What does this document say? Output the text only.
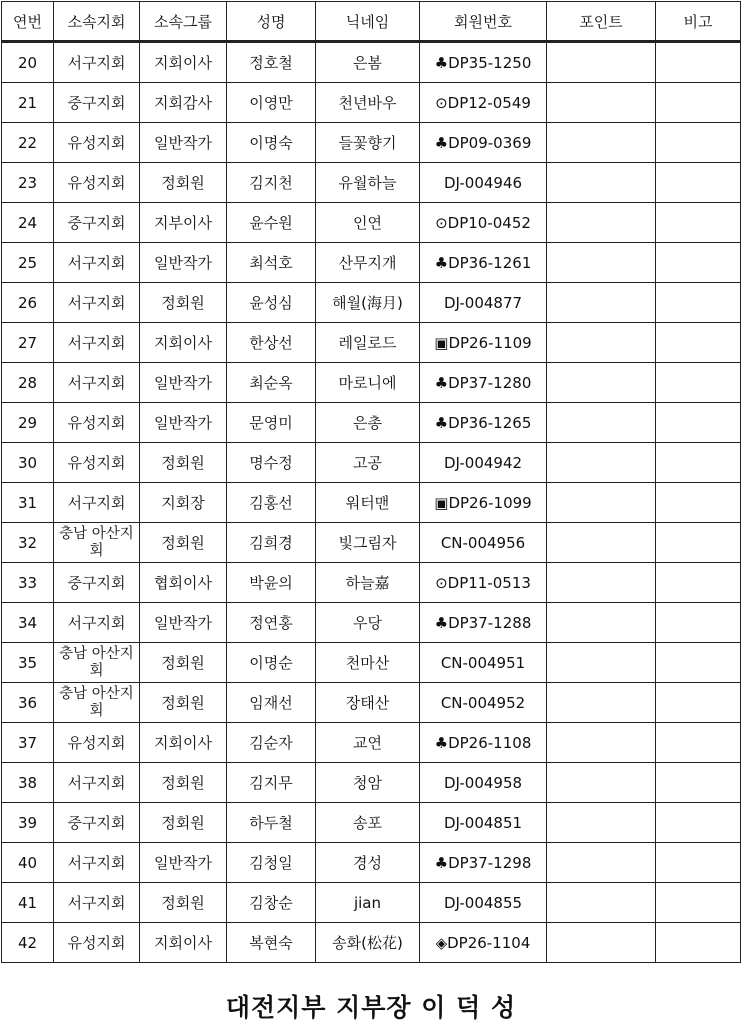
연번	소속지회	소속그룹	성명	닉네임	회원번호	포인트	비고
20	서구지회	지회이사	정호철	은봄	♣DP35-1250		
21	중구지회	지회감사	이영만	천년바우	⊙DP12-0549		
22	유성지회	일반작가	이명숙	들꽃향기	♣DP09-0369		
23	유성지회	정회원	김지천	유월하늘	DJ-004946		
24	중구지회	지부이사	윤수원	인연	⊙DP10-0452		
25	서구지회	일반작가	최석호	산무지개	♣DP36-1261		
26	서구지회	정회원	윤성심	해월(海月)	DJ-004877		
27	서구지회	지회이사	한상선	레일로드	▣DP26-1109		
28	서구지회	일반작가	최순옥	마로니에	♣DP37-1280		
29	유성지회	일반작가	문영미	은총	♣DP36-1265		
30	유성지회	정회원	명수정	고공	DJ-004942		
31	서구지회	지회장	김홍선	워터맨	▣DP26-1099		
32	충남 아산지회	정회원	김희경	빛그림자	CN-004956		
33	중구지회	협회이사	박윤의	하늘嘉	⊙DP11-0513		
34	서구지회	일반작가	정연홍	우당	♣DP37-1288		
35	충남 아산지회	정회원	이명순	천마산	CN-004951		
36	충남 아산지회	정회원	임재선	장태산	CN-004952		
37	유성지회	지회이사	김순자	교연	♣DP26-1108		
38	서구지회	정회원	김지무	청암	DJ-004958		
39	중구지회	정회원	하두철	송포	DJ-004851		
40	서구지회	일반작가	김청일	경성	♣DP37-1298		
41	서구지회	정회원	김창순	jian	DJ-004855		
42	유성지회	지회이사	복현숙	송화(松花)	◈DP26-1104		
대전지부 지부장 이 덕 성
